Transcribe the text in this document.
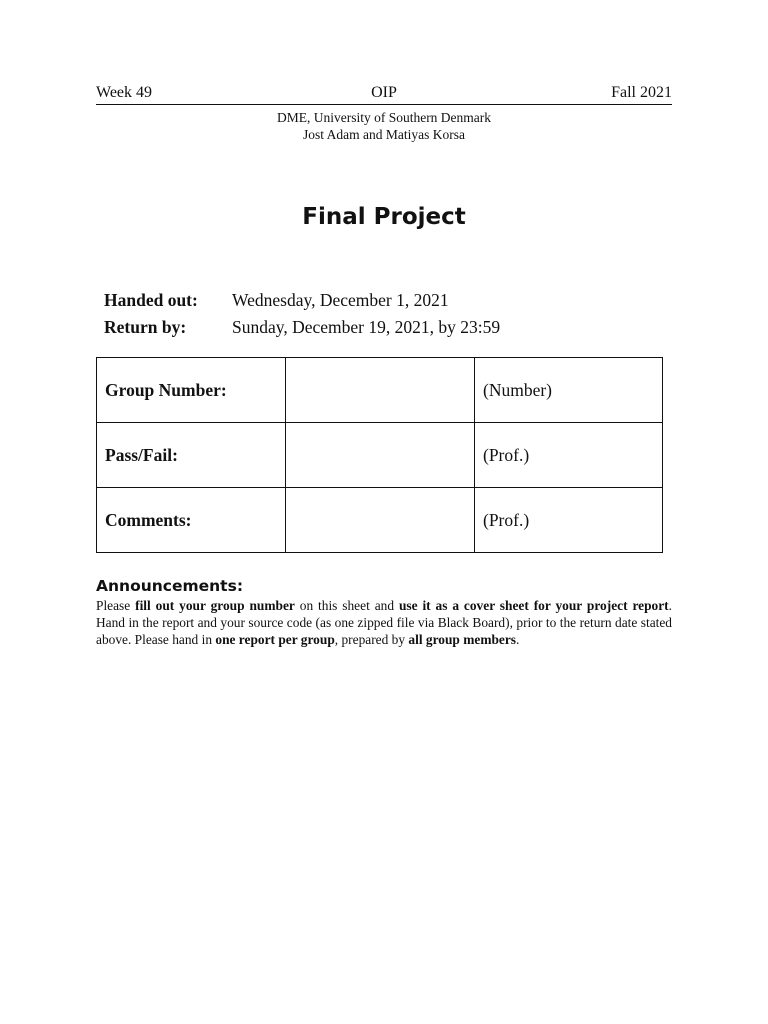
OIP
Week 49	Fall 2021
DME, University of Southern Denmark
Jost Adam and Matiyas Korsa
Final Project
Handed out: Wednesday, December 1, 2021
Return by:	Sunday, December 19, 2021, by 23:59
Group Number:		(Number)
Pass/Fail:		(Prof.)
Comments:		(Prof.)
Announcements:
Please fill out your group number on this sheet and use it as a cover sheet for your project report. Hand in the report and your source code (as one zipped file via Black Board), prior to the return date stated above. Please hand in one report per group, prepared by all group members.
